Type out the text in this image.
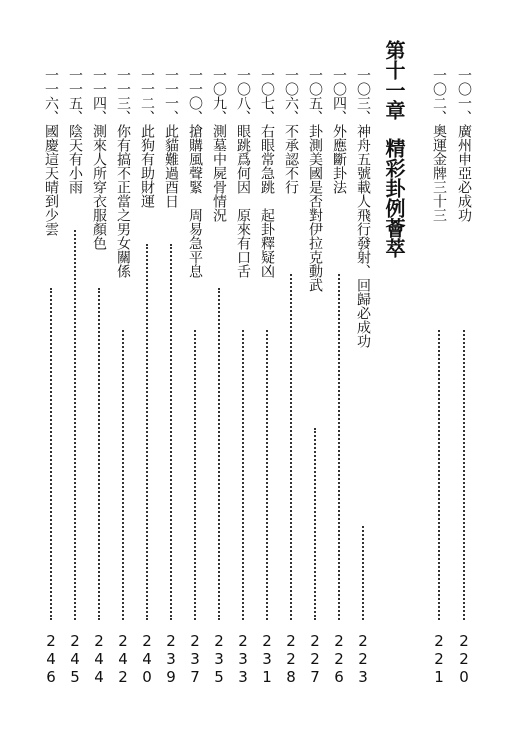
一〇一、廣州申亞必成功
220
一〇二、奧運金牌三十三
221
第十一章精彩卦例薈萃
一〇三、神舟五號載人飛行發射、回歸必成功
223
一〇四、外應斷卦法
226
一〇五、卦測美國是否對伊拉克動武
227
一〇六、不承認不行
228
一〇七、右眼常急跳　起卦釋疑凶
231
一〇八、眼跳爲何因　原來有口舌
233
一〇九、測墓中屍骨情況
235
一一〇、搶購風聲緊　周易急平息
237
一一一、此貓難過酉日
239
一一二、此狗有助財運
240
一一三、你有搞不正當之男女關係
242
一一四、測來人所穿衣服顏色
244
一一五、陰天有小雨
245
一一六、國慶這天晴到少雲
246
